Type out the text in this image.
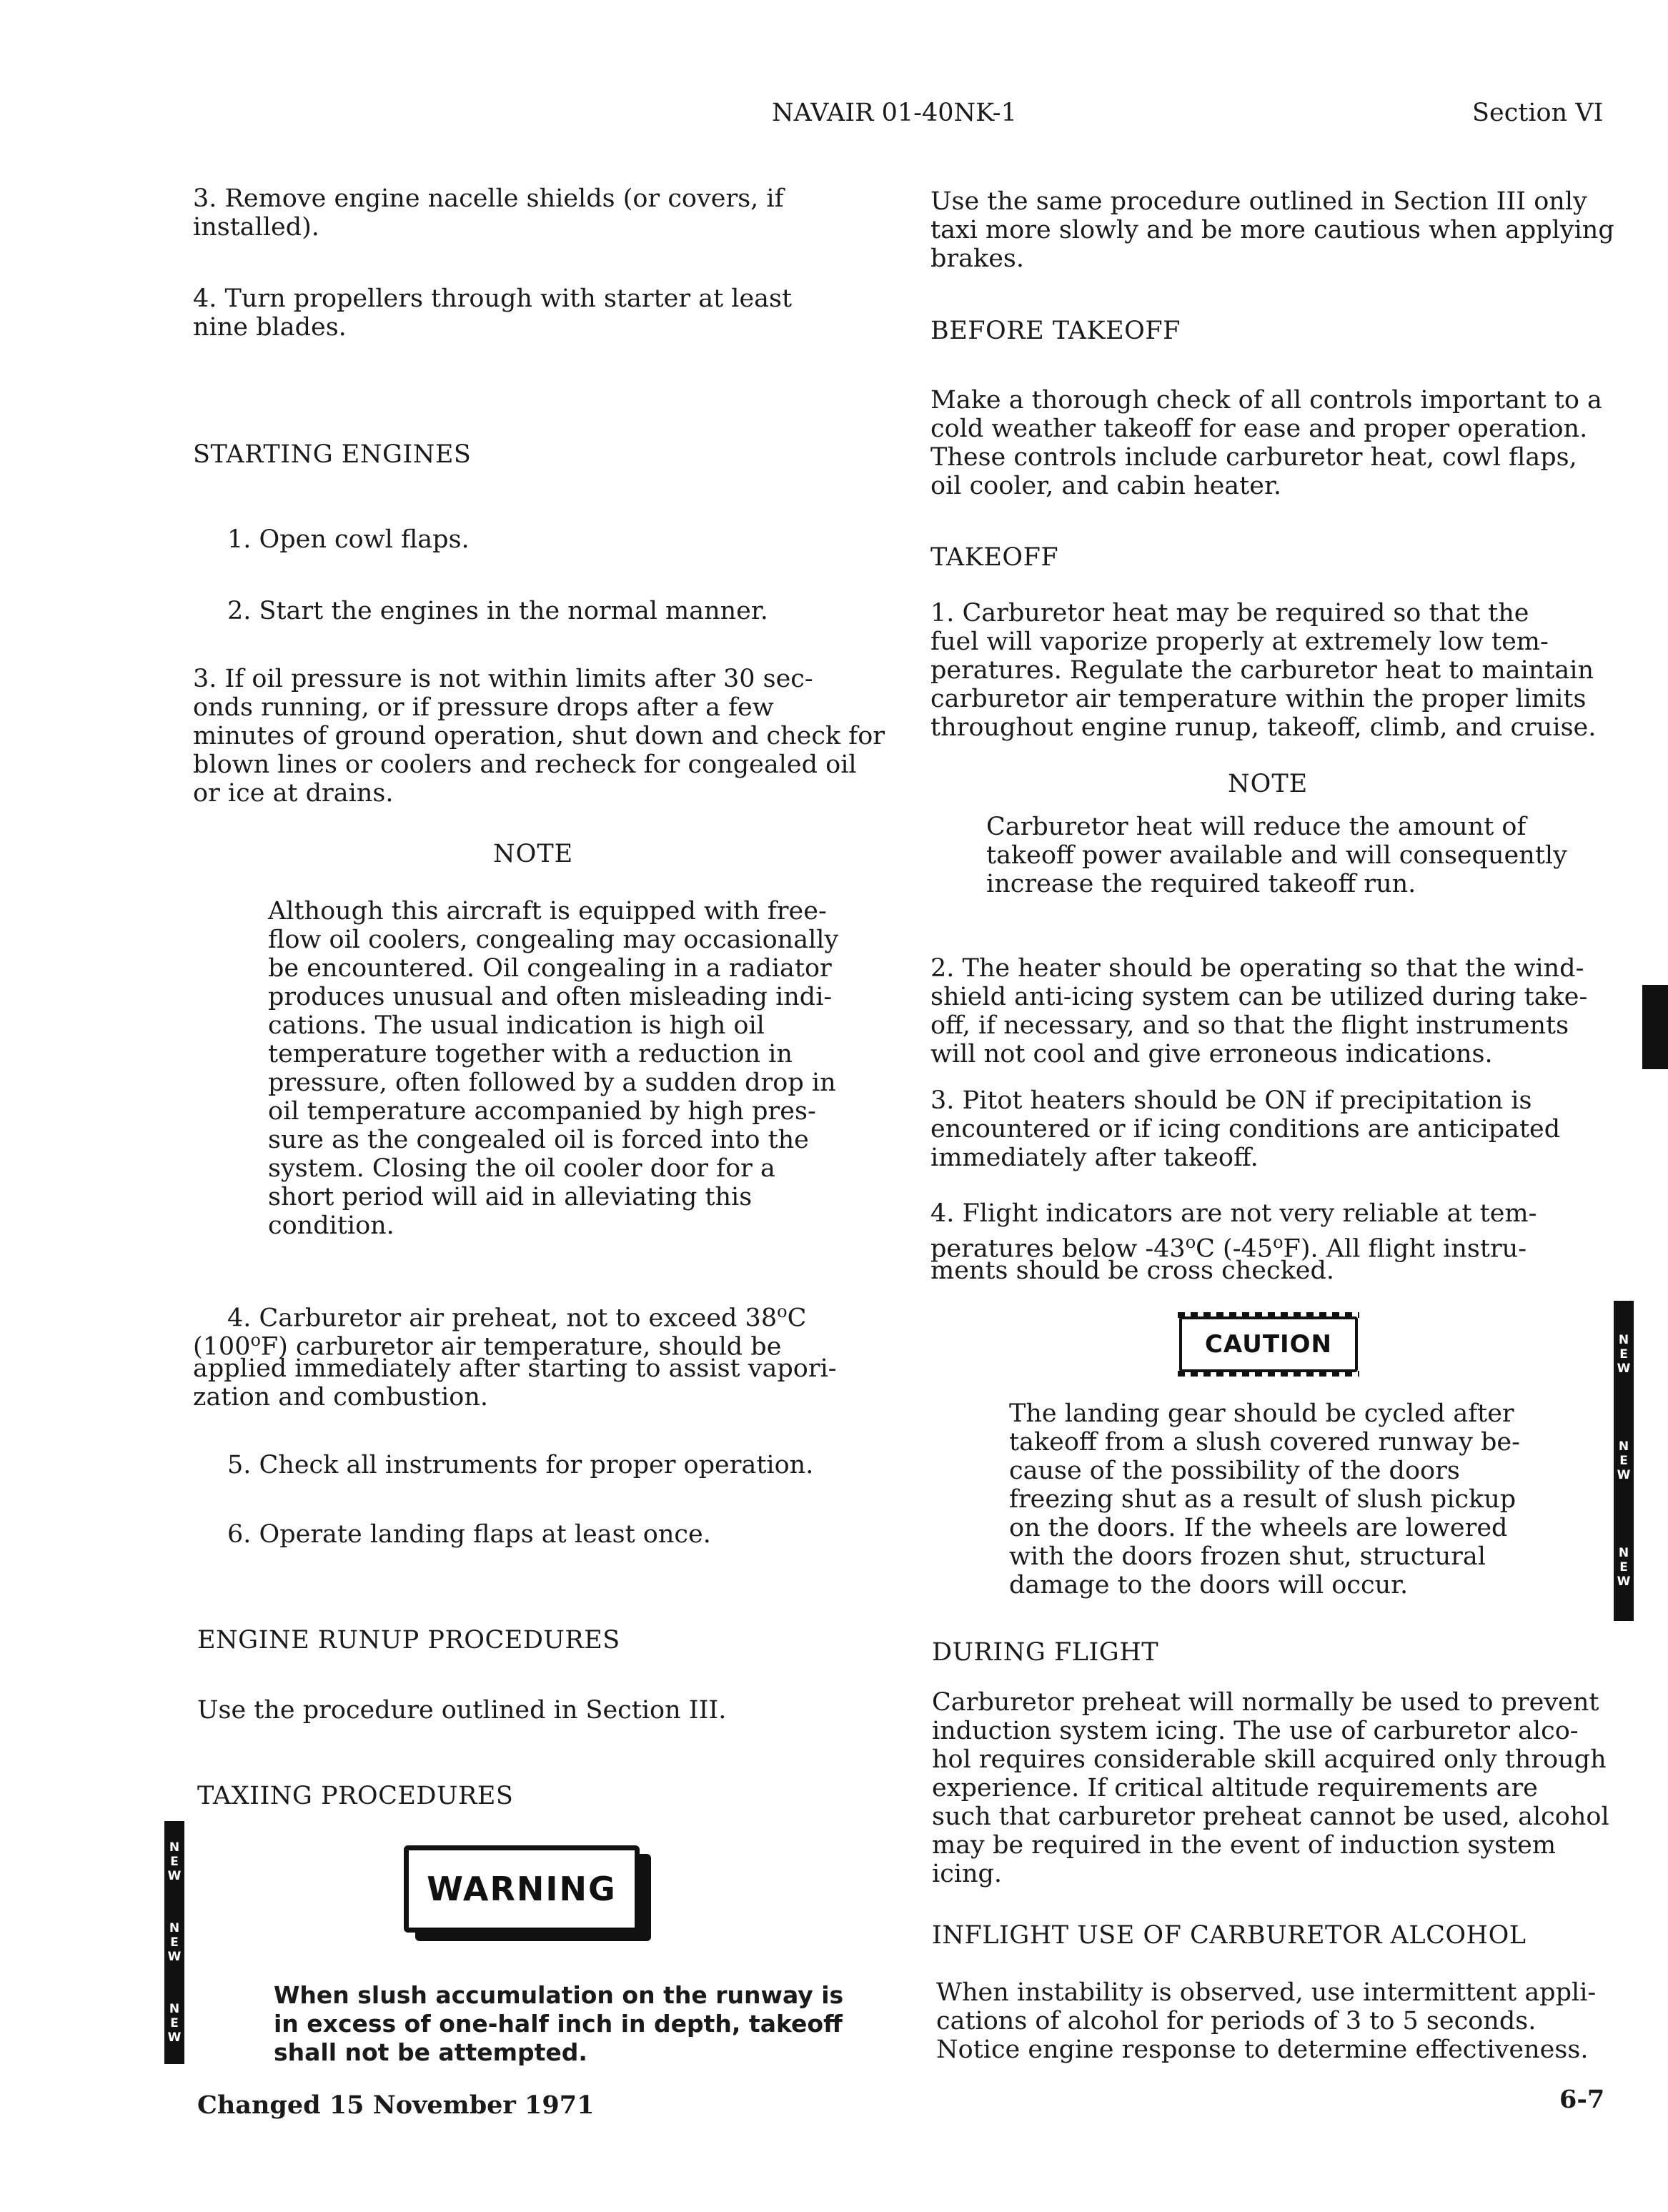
NAVAIR 01-40NK-1	Section VI
3. Remove engine nacelle shields (or covers, if
installed).
4. Turn propellers through with starter at least
nine blades.
STARTING ENGINES
1. Open cowl flaps.
2. Start the engines in the normal manner.
3. If oil pressure is not within limits after 30 sec-
onds running, or if pressure drops after a few
minutes of ground operation, shut down and check for
blown lines or coolers and recheck for congealed oil
or ice at drains.
NOTE
Although this aircraft is equipped with free-
flow oil coolers, congealing may occasionally
be encountered. Oil congealing in a radiator
produces unusual and often misleading indi-
cations. The usual indication is high oil
temperature together with a reduction in
pressure, often followed by a sudden drop in
oil temperature accompanied by high pres-
sure as the congealed oil is forced into the
system. Closing the oil cooler door for a
short period will aid in alleviating this
condition.
4. Carburetor air preheat, not to exceed 38$^o$C
(100$^o$F) carburetor air temperature, should be
applied immediately after starting to assist vapori-
zation and combustion.
5. Check all instruments for proper operation.
6. Operate landing flaps at least once.
ENGINE RUNUP PROCEDURES
Use the procedure outlined in Section III.
TAXIING PROCEDURES
WARNING
When slush accumulation on the runway is
in excess of one-half inch in depth, takeoff
shall not be attempted.
N
E
W
N
E
W
N
E
W
Use the same procedure outlined in Section III only
taxi more slowly and be more cautious when applying
brakes.
BEFORE TAKEOFF
Make a thorough check of all controls important to a
cold weather takeoff for ease and proper operation.
These controls include carburetor heat, cowl flaps,
oil cooler, and cabin heater.
TAKEOFF
1. Carburetor heat may be required so that the
fuel will vaporize properly at extremely low tem-
peratures. Regulate the carburetor heat to maintain
carburetor air temperature within the proper limits
throughout engine runup, takeoff, climb, and cruise.
NOTE
Carburetor heat will reduce the amount of
takeoff power available and will consequently
increase the required takeoff run.
2. The heater should be operating so that the wind-
shield anti-icing system can be utilized during take-
off, if necessary, and so that the flight instruments
will not cool and give erroneous indications.
3. Pitot heaters should be ON if precipitation is
encountered or if icing conditions are anticipated
immediately after takeoff.
4. Flight indicators are not very reliable at tem-
peratures below -43$^o$C (-45$^o$F). All flight instru-
ments should be cross checked.
CAUTION
The landing gear should be cycled after
takeoff from a slush covered runway be-
cause of the possibility of the doors
freezing shut as a result of slush pickup
on the doors. If the wheels are lowered
with the doors frozen shut, structural
damage to the doors will occur.
DURING FLIGHT
Carburetor preheat will normally be used to prevent
induction system icing. The use of carburetor alco-
hol requires considerable skill acquired only through
experience. If critical altitude requirements are
such that carburetor preheat cannot be used, alcohol
may be required in the event of induction system
icing.
INFLIGHT USE OF CARBURETOR ALCOHOL
When instability is observed, use intermittent appli-
cations of alcohol for periods of 3 to 5 seconds.
Notice engine response to determine effectiveness.
N
E
W
N
E
W
N
E
W
Changed 15 November 1971	6-7
